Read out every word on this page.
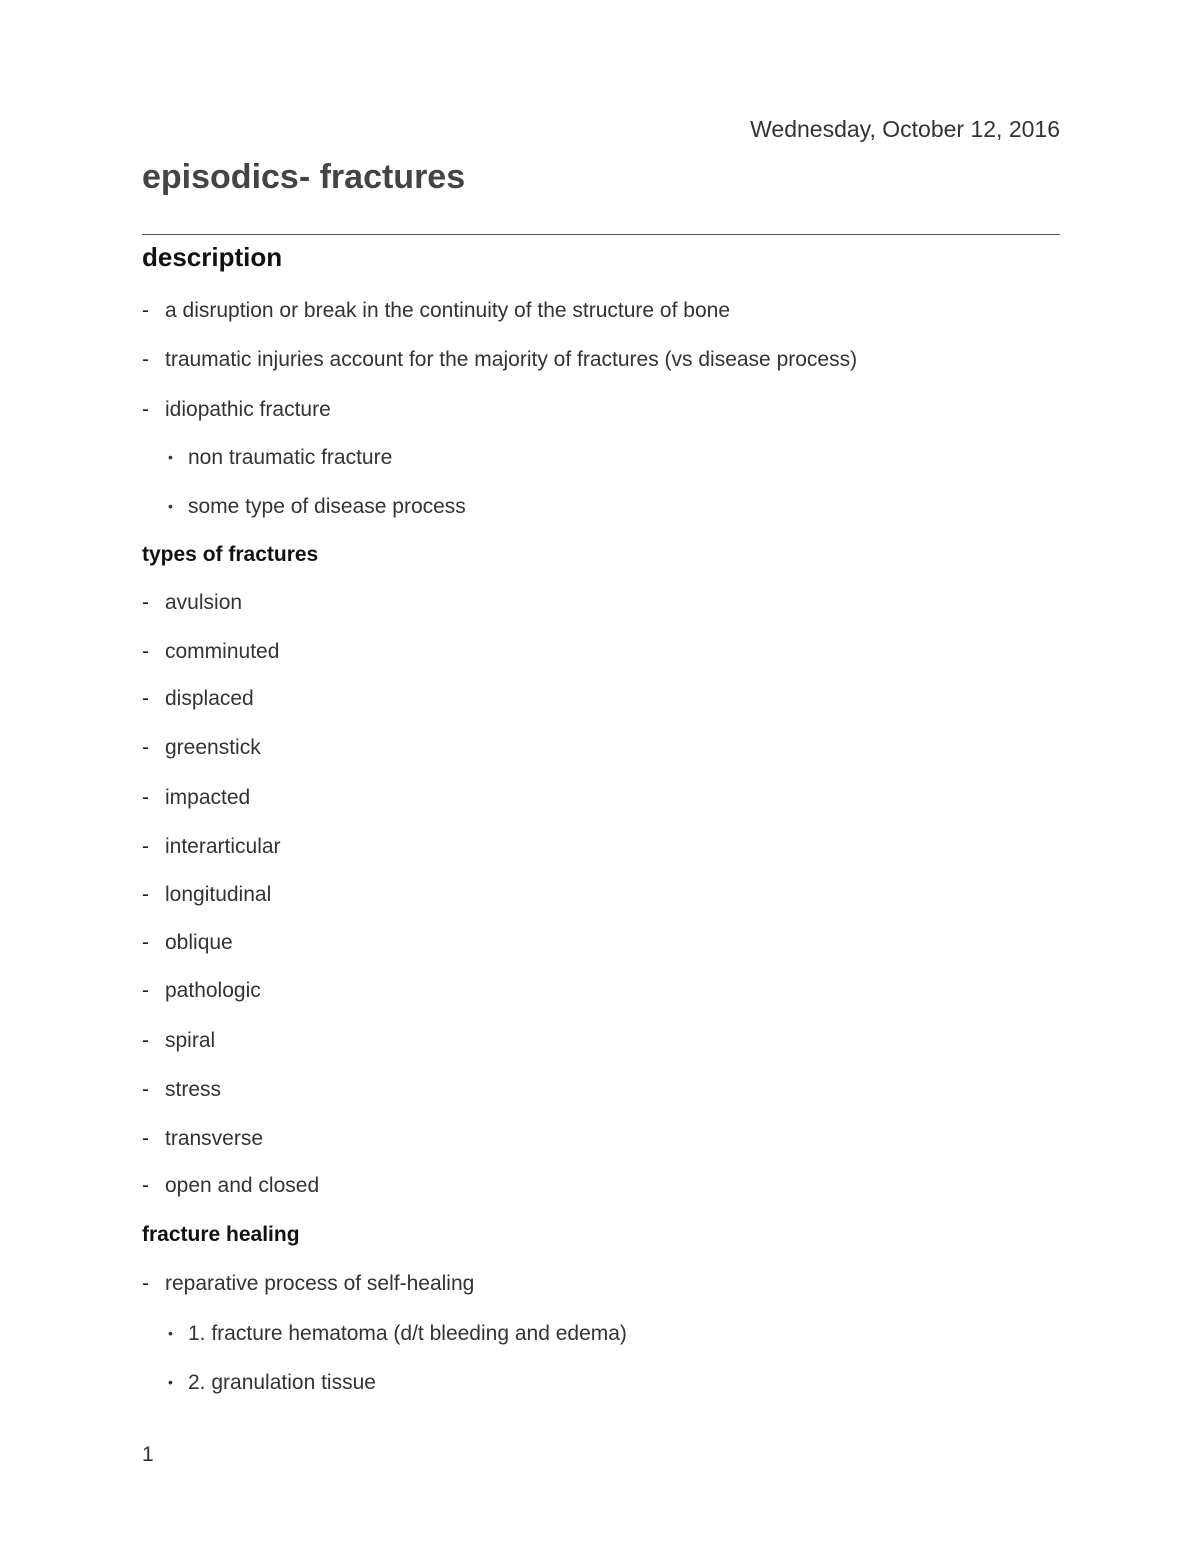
Wednesday, October 12, 2016
episodics- fractures
description
- a disruption or break in the continuity of the structure of bone
- traumatic injuries account for the majority of fractures (vs disease process)
- idiopathic fracture
• non traumatic fracture
• some type of disease process
types of fractures
- avulsion
- comminuted
- displaced
- greenstick
- impacted
- interarticular
- longitudinal
- oblique
- pathologic
- spiral
- stress
- transverse
- open and closed
fracture healing
- reparative process of self-healing
• 1. fracture hematoma (d/t bleeding and edema)
• 2. granulation tissue
1
